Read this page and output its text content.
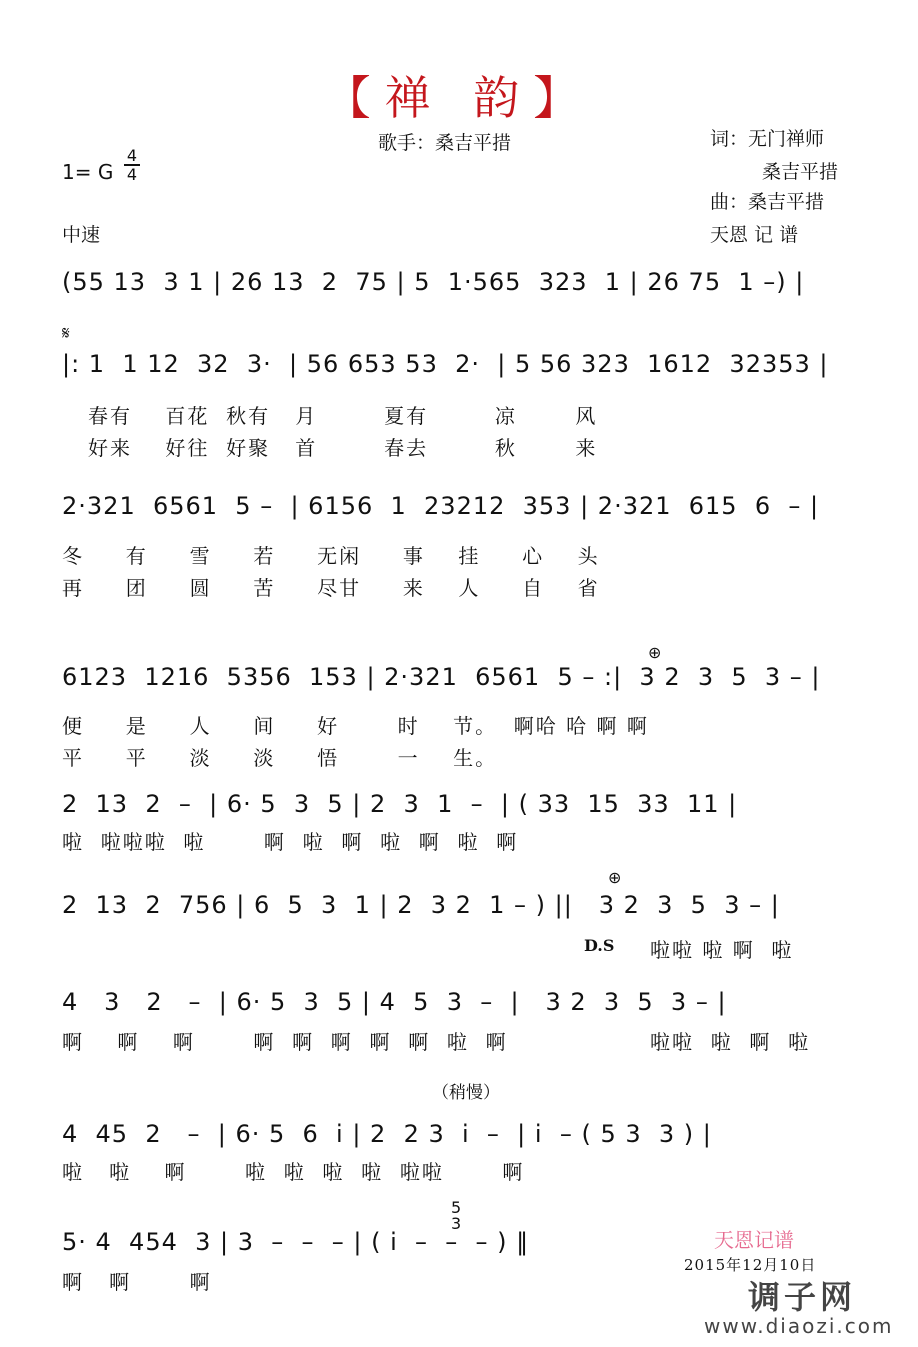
【禅 韵】
歌手：桑吉平措	词：无门禅师
桑吉平措
曲：桑吉平措
天恩 记 谱
1= G $\frac{4}{4}$
中速
(55 13  3 1 | 26 13  2  75 | 5  1·565  323  1 | 26 75  1 –) |
𝄋
|: 1  1 12  32  3·  | 56 653 53  2·  | 5 56 323  1612  32353 |
春有    百花  秋有   月        夏有        凉       风
好来    好往  好聚   首        春去        秋       来
2·321  6561  5 –  | 6156  1  23212  353 | 2·321  615  6  – |
冬     有     雪     若     无闲     事    挂     心    头
再     团     圆     苦     尽甘     来    人     自    省
⊕
6123  1216  5356  153 | 2·321  6561  5 – :|  3 2  3  5  3 – |
便     是     人     间     好       时    节。  啊哈 哈 啊 啊
平     平     淡     淡     悟       一    生。
2  13  2  –  | 6· 5  3  5 | 2  3  1  –  | ( 33  15  33  11 |
啦  啦啦啦  啦       啊  啦  啊  啦  啊  啦  啊
⊕
2  13  2  756 | 6  5  3  1 | 2  3 2  1 – ) ||   3 2  3  5  3 – |
D.S 啦啦 啦 啊  啦
4   3   2   –  | 6· 5  3  5 | 4  5  3  –  |   3 2  3  5  3 – |
啊    啊    啊       啊  啊  啊  啊  啊  啦  啊	啦啦  啦  啊  啦
（稍慢）
4  45  2   –  | 6· 5  6  i | 2  2 3  i  –  | i  – ( 5 3  3 ) |
啦   啦    啊       啦  啦  啦  啦  啦啦       啊
5
3
5· 4  454  3 | 3  –  –  – | ( i  –  –  – ) ‖
啊   啊       啊
天恩记谱
2015年12月10日
调子网
www.diaozi.com
